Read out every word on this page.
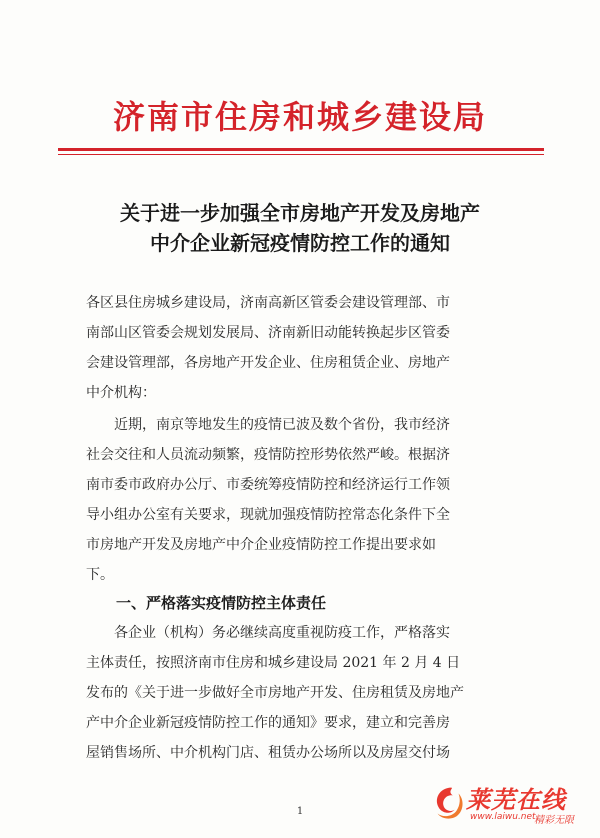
济南市住房和城乡建设局
关于进一步加强全市房地产开发及房地产
中介企业新冠疫情防控工作的通知
各区县住房城乡建设局，济南高新区管委会建设管理部、市
南部山区管委会规划发展局、济南新旧动能转换起步区管委
会建设管理部，各房地产开发企业、住房租赁企业、房地产
中介机构：
　　近期，南京等地发生的疫情已波及数个省份，我市经济
社会交往和人员流动频繁，疫情防控形势依然严峻。根据济
南市委市政府办公厅、市委统筹疫情防控和经济运行工作领
导小组办公室有关要求，现就加强疫情防控常态化条件下全
市房地产开发及房地产中介企业疫情防控工作提出要求如
下。
一、严格落实疫情防控主体责任
　　各企业（机构）务必继续高度重视防疫工作，严格落实
主体责任，按照济南市住房和城乡建设局 2021 年 2 月 4 日
发布的《关于进一步做好全市房地产开发、住房租赁及房地产
产中介企业新冠疫情防控工作的通知》要求，建立和完善房
屋销售场所、中介机构门店、租赁办公场所以及房屋交付场
1	莱芜在线
www.laiwu.net
精彩无限
